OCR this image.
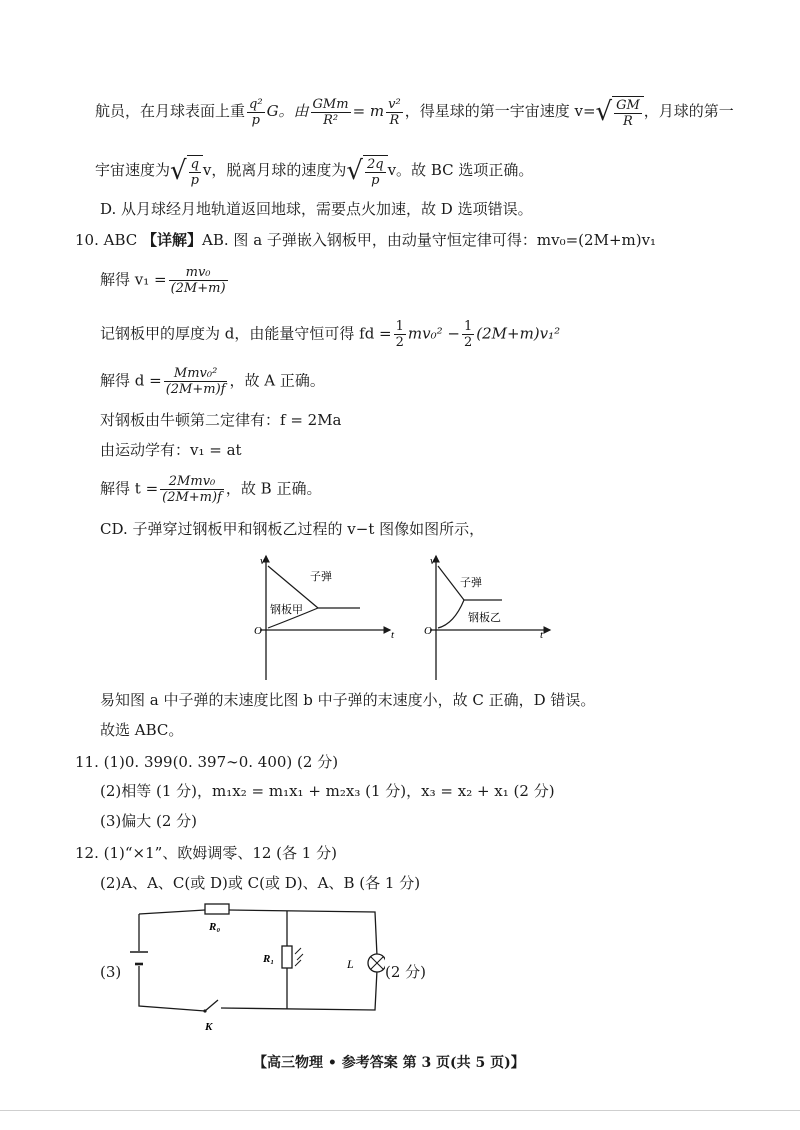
航员，在月球表面上重 $\frac{\text{q²}}{p}$ G。由 $\frac{\text{GMm}}{\text{R²}} = m \frac{\text{v²}}{R}$ ，得星球的第一宇宙速度 $v=√ \frac{GM}{R}$ ，月球的第一
宇宙速度为√ $\frac{q}{p}$ v，脱离月球的速度为√ $\frac{2q}{p}$ v。故 BC 选项正确。
D. 从月球经月地轨道返回地球，需要点火加速，故 D 选项错误。
10. ABC 【详解】AB. 图 a 子弹嵌入钢板甲，由动量守恒定律可得：mv₀=(2M+m)v₁
解得 $v_1 = \frac{\text{mv₀}}{(2M+m)}$
记钢板甲的厚度为 d，由能量守恒可得 fd = $\frac{1}{2} mv_0^2 - \frac{1}{2} (2M+m)v_1^2$
解得 $d = \frac{\text{Mmv₀²}}{(2M+m)f}$ ，故 A 正确。
对钢板由牛顿第二定律有：f = 2Ma
由运动学有：v₁ = at
解得 $t = \frac{\text{2Mmv₀}}{(2M+m)f}$ ，故 B 正确。
CD. 子弹穿过钢板甲和钢板乙过程的 v−t 图像如图所示，
v
O	t
子弹
钢板甲
v
O	t
子弹
钢板乙
易知图 a 中子弹的末速度比图 b 中子弹的末速度小，故 C 正确，D 错误。
故选 ABC。
11. (1)0. 399(0. 397∼0. 400) (2 分)
(2)相等 (1 分)，m₁x₂ = m₁x₁ + m₂x₃ (1 分)，x₃ = x₂ + x₁ (2 分)
(3)偏大 (2 分)
12. (1)“×1”、欧姆调零、12 (各 1 分)
(2)A、A、C(或 D)或 C(或 D)、A、B (各 1 分)
(3)	(2 分)
R₀
R₁	L
K
【高三物理 • 参考答案 第 3 页(共 5 页)】
